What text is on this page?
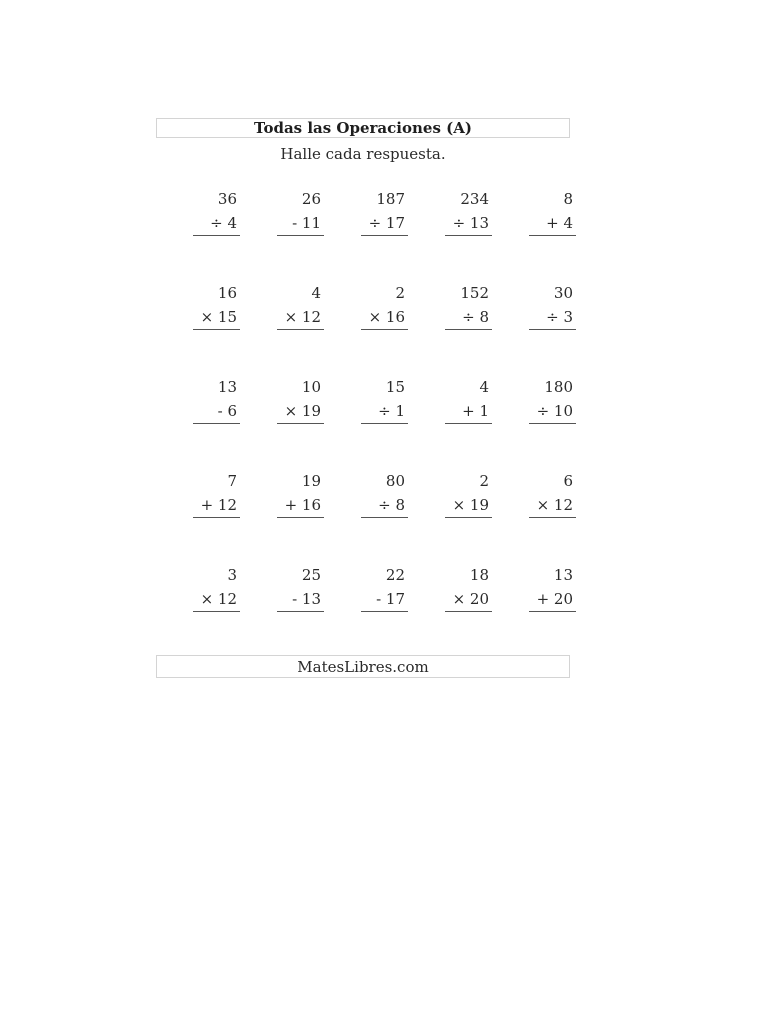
Todas las Operaciones (A)
Halle cada respuesta.
36
÷ 4
26
- 11
187
÷ 17
234
÷ 13
8
+ 4
16
× 15
4
× 12
2
× 16
152
÷ 8
30
÷ 3
13
- 6
10
× 19
15
÷ 1
4
+ 1
180
÷ 10
7
+ 12
19
+ 16
80
÷ 8
2
× 19
6
× 12
3
× 12
25
- 13
22
- 17
18
× 20
13
+ 20
MatesLibres.com
